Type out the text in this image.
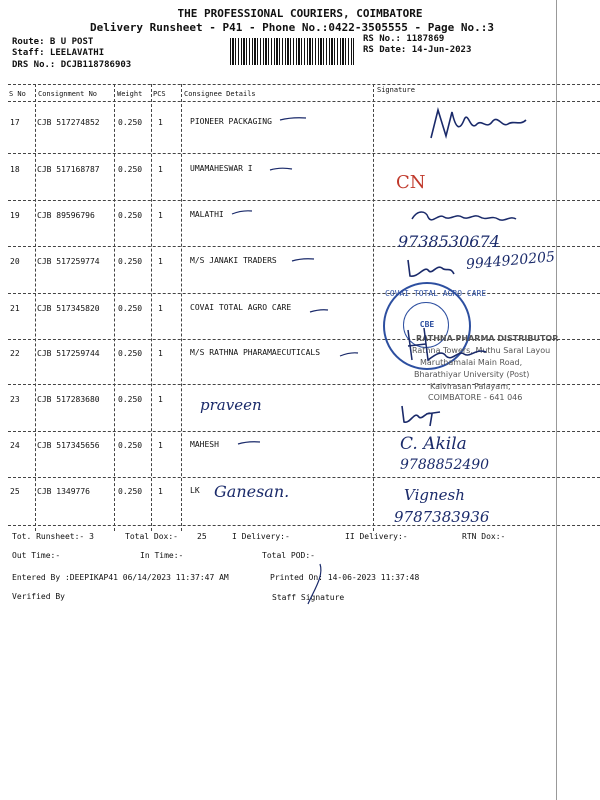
THE PROFESSIONAL COURIERS, COIMBATORE
Delivery Runsheet - P41 - Phone No.:0422-3505555 - Page No.:3
Route: B U POST
Staff: LEELAVATHI
DRS No.: DCJB118786903
RS No.: 1187869
RS Date: 14-Jun-2023
S No Consignment No	Weight PCS	Consignee Details	Signature
17 CJB 517274852 0.250 1	PIONEER PACKAGING
18 CJB 517168787 0.250 1	UMAMAHESWAR I
19 CJB 89596796	0.250 1	MALATHI
20 CJB 517259774 0.250 1	M/S JANAKI TRADERS
21 CJB 517345820 0.250 1	COVAI TOTAL AGRO CARE
22 CJB 517259744 0.250 1	M/S RATHNA PHARAMAECUTICALS
23 CJB 517283680 0.250 1
24 CJB 517345656 0.250 1	MAHESH
25 CJB 1349776	0.250 1	LK
CN
9738530674
9944920205
COVAI TOTAL AGRO CARE
CBE
RATHNA PHARMA DISTRIBUTOR
Rathna Towers, Muthu Saral Layou
Maruthamalai Main Road,
Bharathiyar University (Post)
Kalvirasan Palayam,
COIMBATORE - 641 046
praveen
C. Akila
9788852490
Ganesan.	Vignesh
9787383936
Tot. Runsheet:- 3	Total Dox:- 25	I Delivery:-	II Delivery:-	RTN Dox:-
Out Time:-	In Time:-	Total POD:-
Entered By :DEEPIKAP41 06/14/2023 11:37:47 AM	Printed On: 14-06-2023 11:37:48
Verified By	Staff Signature
